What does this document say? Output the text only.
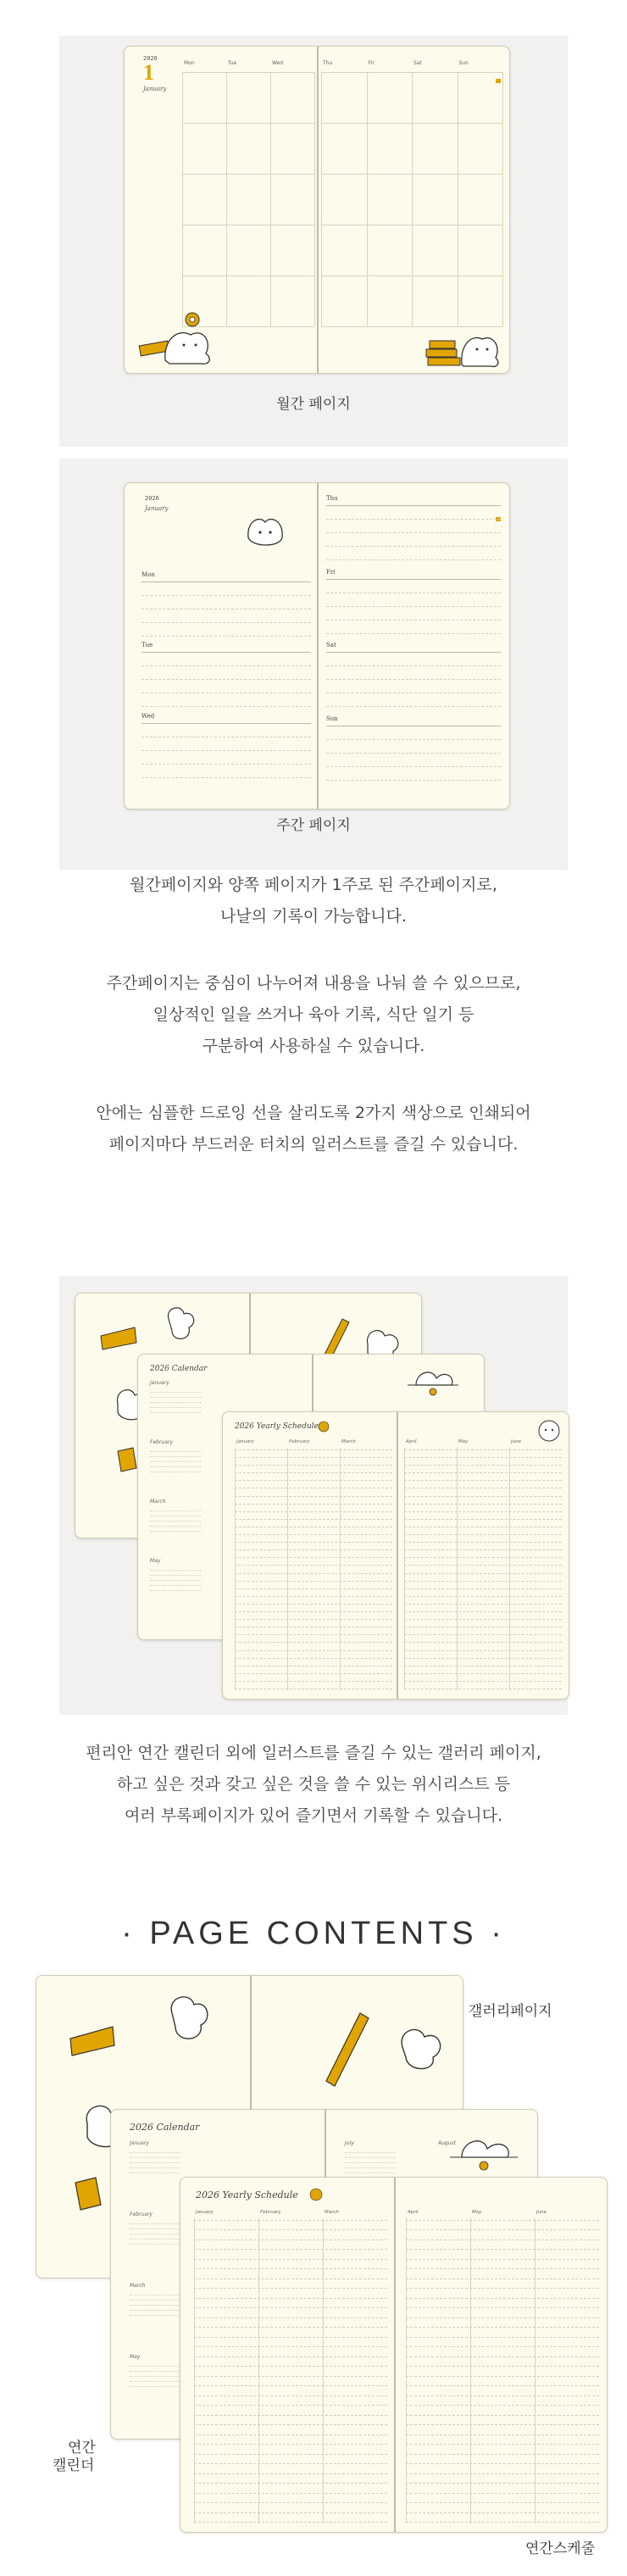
2026
1
January
Mon	Tue	Wed	Thu	Fri	Sat	Sun
월간 페이지
2026
January
Mon
Tue
Wed
Thu
Fri
Sat
Sun
주간 페이지

월간페이지와 양쪽 페이지가 1주로 된 주간페이지로,

나날의 기록이 가능합니다.

주간페이지는 중심이 나누어져 내용을 나눠 쓸 수 있으므로,

일상적인 일을 쓰거나 육아 기록, 식단 일기 등

구분하여 사용하실 수 있습니다.

안에는 심플한 드로잉 선을 살리도록 2가지 색상으로 인쇄되어

페이지마다 부드러운 터치의 일러스트를 즐길 수 있습니다.

2026 Calendar
January
February
March
May
2026 Yearly Schedule
January	February	March	April	May	June

편리안 연간 캘린더 외에 일러스트를 즐길 수 있는 갤러리 페이지,

하고 싶은 것과 갖고 싶은 것을 쓸 수 있는 위시리스트 등

여러 부록페이지가 있어 즐기면서 기록할 수 있습니다.

· PAGE CONTENTS ·
갤러리페이지
연간
캘린더
연간스케줄
2026 Calendar
January
February
March
May
July	August
2026 Yearly Schedule
January	February	March	April	May	June
